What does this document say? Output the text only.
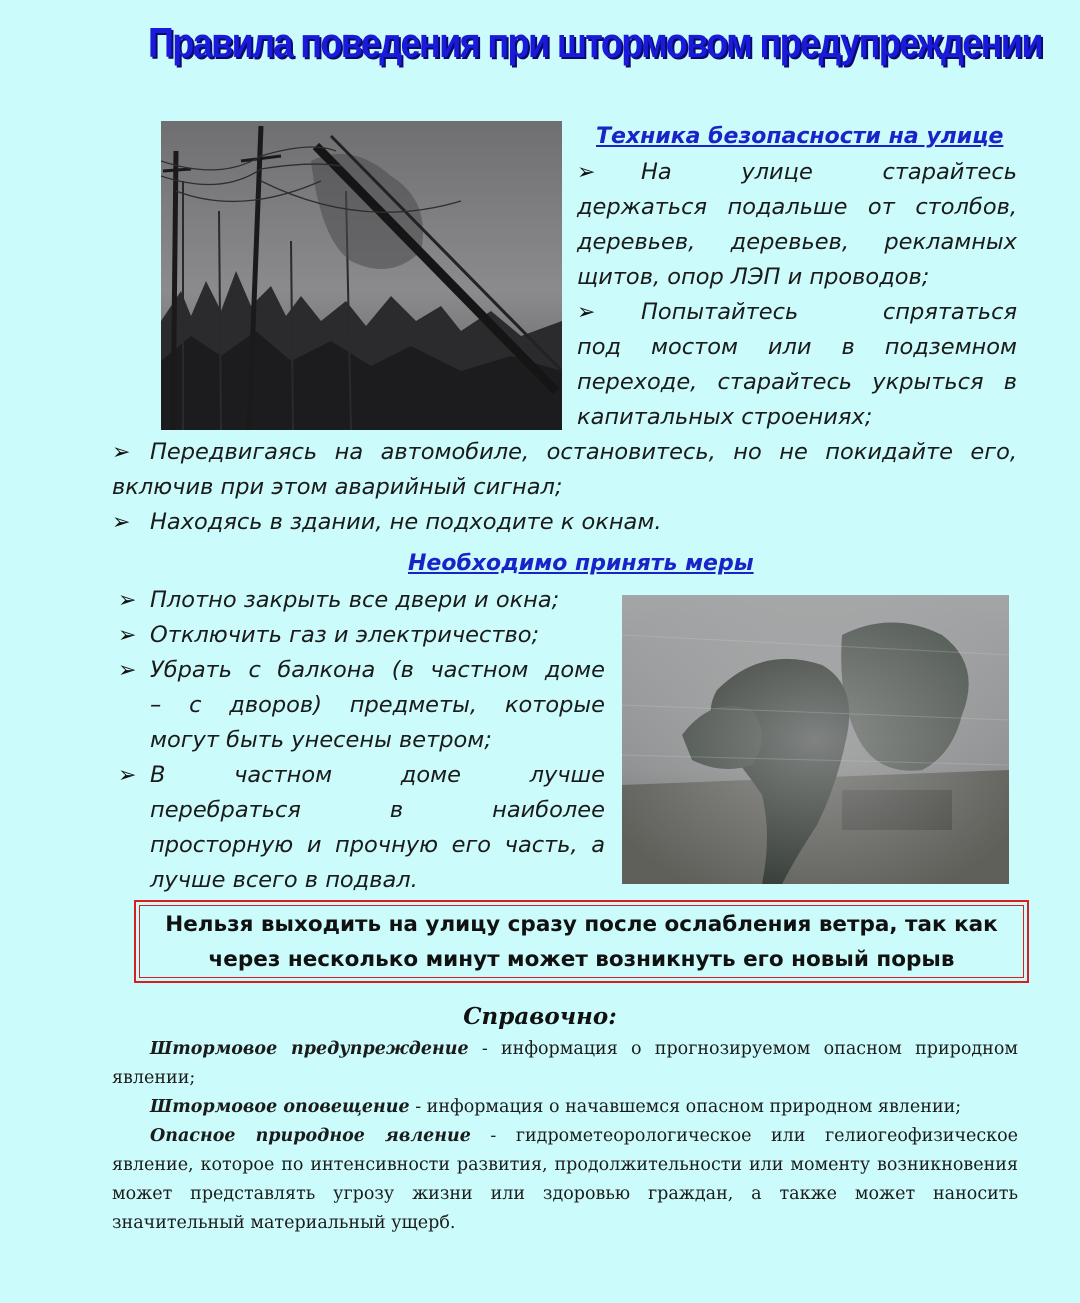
Правила поведения при штормовом предупреждении
Техника безопасности на улице
➢ На улице старайтесь
держаться подальше от столбов,
деревьев, деревьев, рекламных
щитов, опор ЛЭП и проводов;
➢ Попытайтесь спрятаться
под мостом или в подземном
переходе, старайтесь укрыться в
капитальных строениях;
➢ Передвигаясь на автомобиле, остановитесь, но не покидайте его,
включив при этом аварийный сигнал;
➢ Находясь в здании, не подходите к окнам.
Необходимо принять меры
➢ Плотно закрыть все двери и окна;
➢ Отключить газ и электричество;
➢ Убрать с балкона (в частном доме
– с дворов) предметы, которые
могут быть унесены ветром;
➢ В частном доме лучше
перебраться в наиболее
просторную и прочную его часть, а
лучше всего в подвал.

Нельзя выходить на улицу сразу после ослабления ветра, так как
через несколько минут может возникнуть его новый порыв

Справочно:

Штормовое предупреждение - информация о прогнозируемом опасном природном явлении;

Штормовое оповещение - информация о начавшемся опасном природном явлении;

Опасное природное явление - гидрометеорологическое или гелиогеофизическое явление, которое по интенсивности развития, продолжительности или моменту возникновения может представлять угрозу жизни или здоровью граждан, а также может наносить значительный материальный ущерб.
